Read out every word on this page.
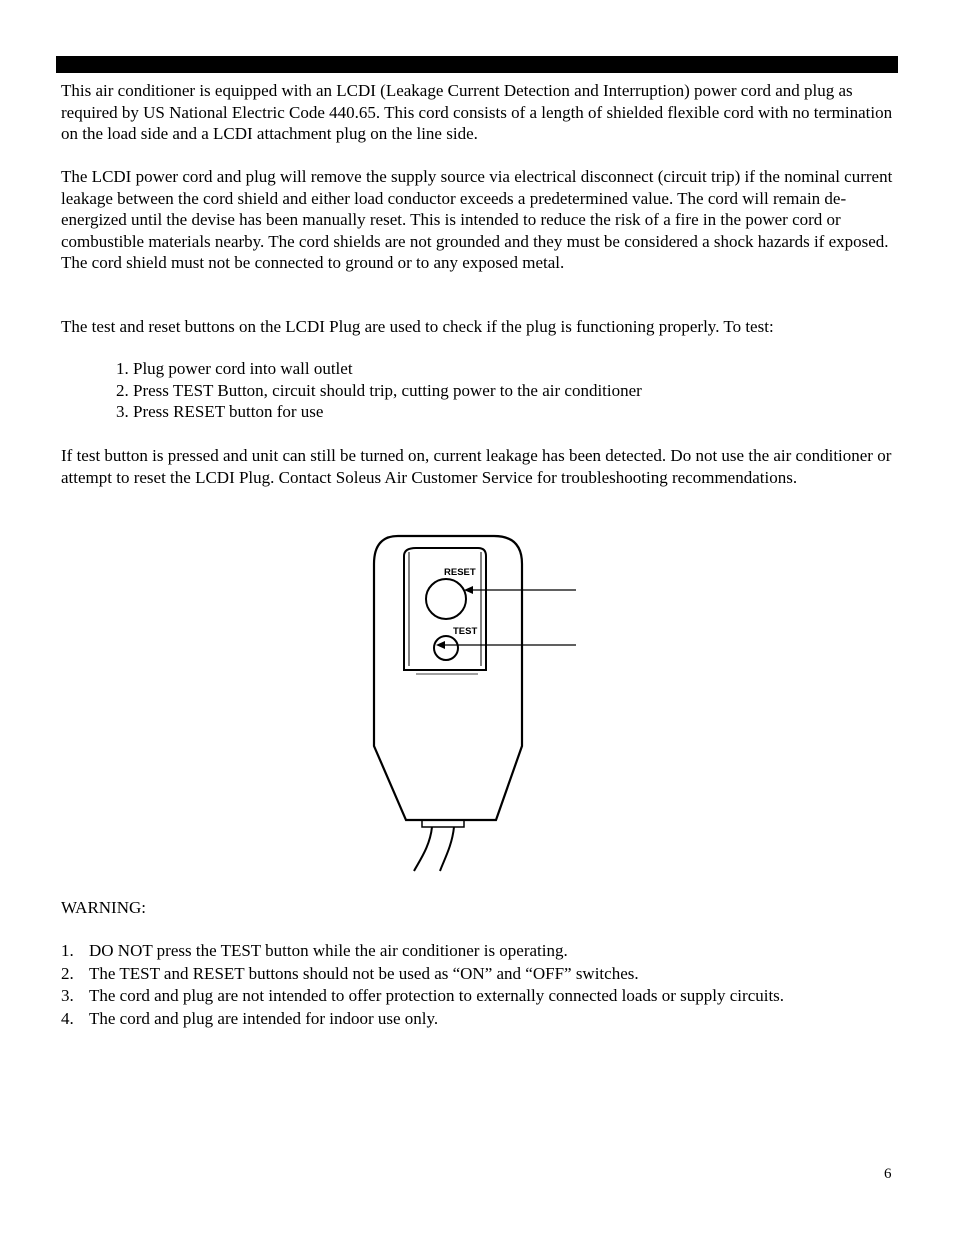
This air conditioner is equipped with an LCDI (Leakage Current Detection and Interruption) power cord and plug as required by US National Electric Code 440.65. This cord consists of a length of shielded flexible cord with no termination on the load side and a LCDI attachment plug on the line side.

The LCDI power cord and plug will remove the supply source via electrical disconnect (circuit trip) if the nominal current leakage between the cord shield and either load conductor exceeds a predetermined value. The cord will remain de-energized until the devise has been manually reset. This is intended to reduce the risk of a fire in the power cord or combustible materials nearby. The cord shields are not grounded and they must be considered a shock hazards if exposed. The cord shield must not be connected to ground or to any exposed metal.

The test and reset buttons on the LCDI Plug are used to check if the plug is functioning properly. To test:

1. Plug power cord into wall outlet
2. Press TEST Button, circuit should trip, cutting power to the air conditioner
3. Press RESET button for use

If test button is pressed and unit can still be turned on, current leakage has been detected. Do not use the air conditioner or attempt to reset the LCDI Plug. Contact Soleus Air Customer Service for troubleshooting recommendations.

RESET
TEST

WARNING:

1. DO NOT press the TEST button while the air conditioner is operating.
2. The TEST and RESET buttons should not be used as “ON” and “OFF” switches.
3. The cord and plug are not intended to offer protection to externally connected loads or supply circuits.
4. The cord and plug are intended for indoor use only.
6
